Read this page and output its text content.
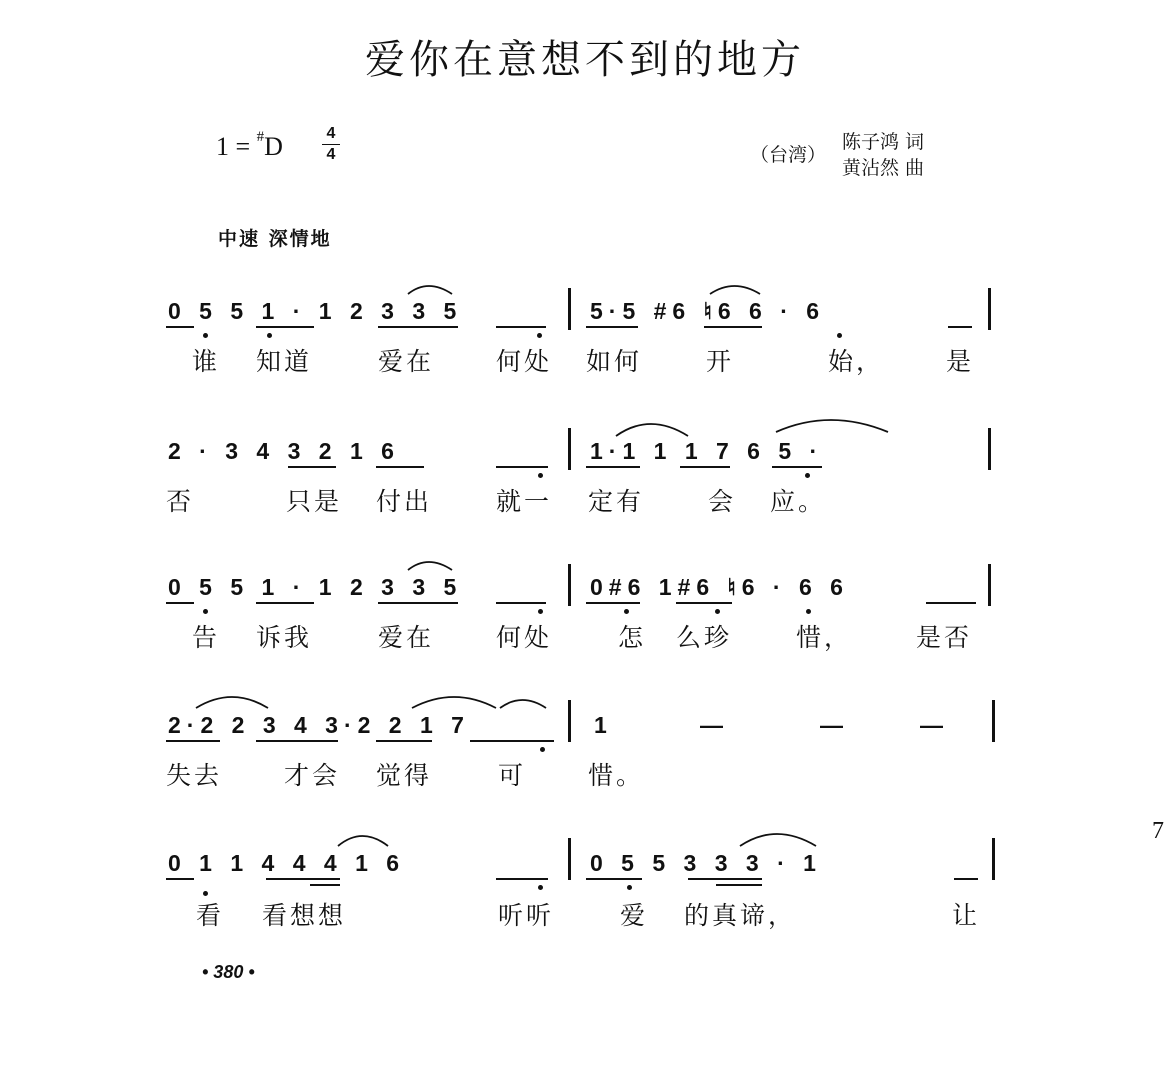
爱你在意想不到的地方
1 = #D	4
4	（台湾）
陈子鸿 词
黄沾然 曲
中速 深情地
0 5 5 1 · 1 2 3 3 5	5·5 #6 ♮6 6 · 6
谁 知道	爱在 何处 如何	开	始， 是
2 · 3 4 3 2 1 6	1·1 1 1 7 6 5 ·
否	只是 付出	就一 定有	会 应。
0 5 5 1 · 1 2 3 3 5	0#6 1#6 ♮6 · 6 6
告 诉我	爱在 何处	怎 么珍	惜，	是否
2·2 2 3 4 3·2 2 1 7	1	—	—	—
失去 才会 觉得	可 惜。
0 1 1 4 4 4 1 6	0 5 5 3 3 3 · 1
看 看想想	听听	爱 的真谛，	让
• 380 •
7
